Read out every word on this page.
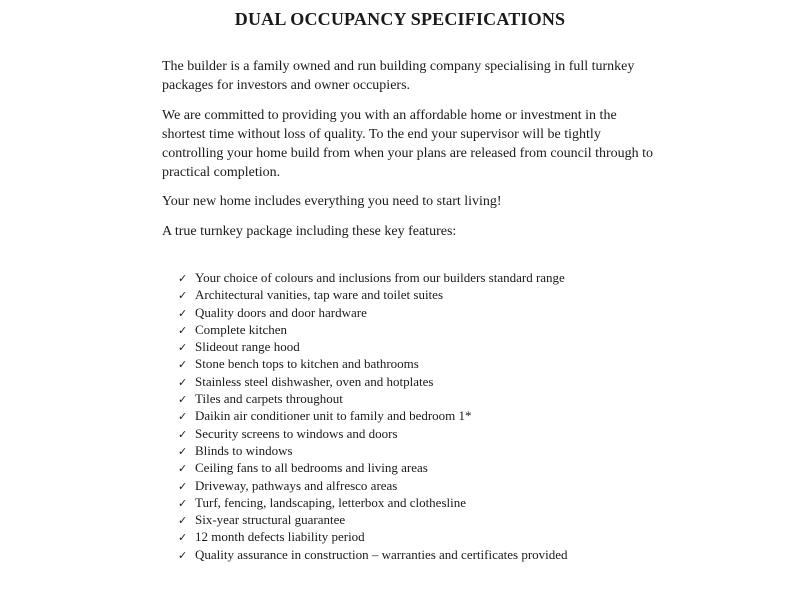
DUAL OCCUPANCY SPECIFICATIONS

The builder is a family owned and run building company specialising in full turnkey packages for investors and owner occupiers.

We are committed to providing you with an affordable home or investment in the shortest time without loss of quality. To the end your supervisor will be tightly controlling your home build from when your plans are released from council through to practical completion.

Your new home includes everything you need to start living!

A true turnkey package including these key features:

✓ Your choice of colours and inclusions from our builders standard range
✓ Architectural vanities, tap ware and toilet suites
✓ Quality doors and door hardware
✓ Complete kitchen
✓ Slideout range hood
✓ Stone bench tops to kitchen and bathrooms
✓ Stainless steel dishwasher, oven and hotplates
✓ Tiles and carpets throughout
✓ Daikin air conditioner unit to family and bedroom 1*
✓ Security screens to windows and doors
✓ Blinds to windows
✓ Ceiling fans to all bedrooms and living areas
✓ Driveway, pathways and alfresco areas
✓ Turf, fencing, landscaping, letterbox and clothesline
✓ Six-year structural guarantee
✓ 12 month defects liability period
✓ Quality assurance in construction – warranties and certificates provided
